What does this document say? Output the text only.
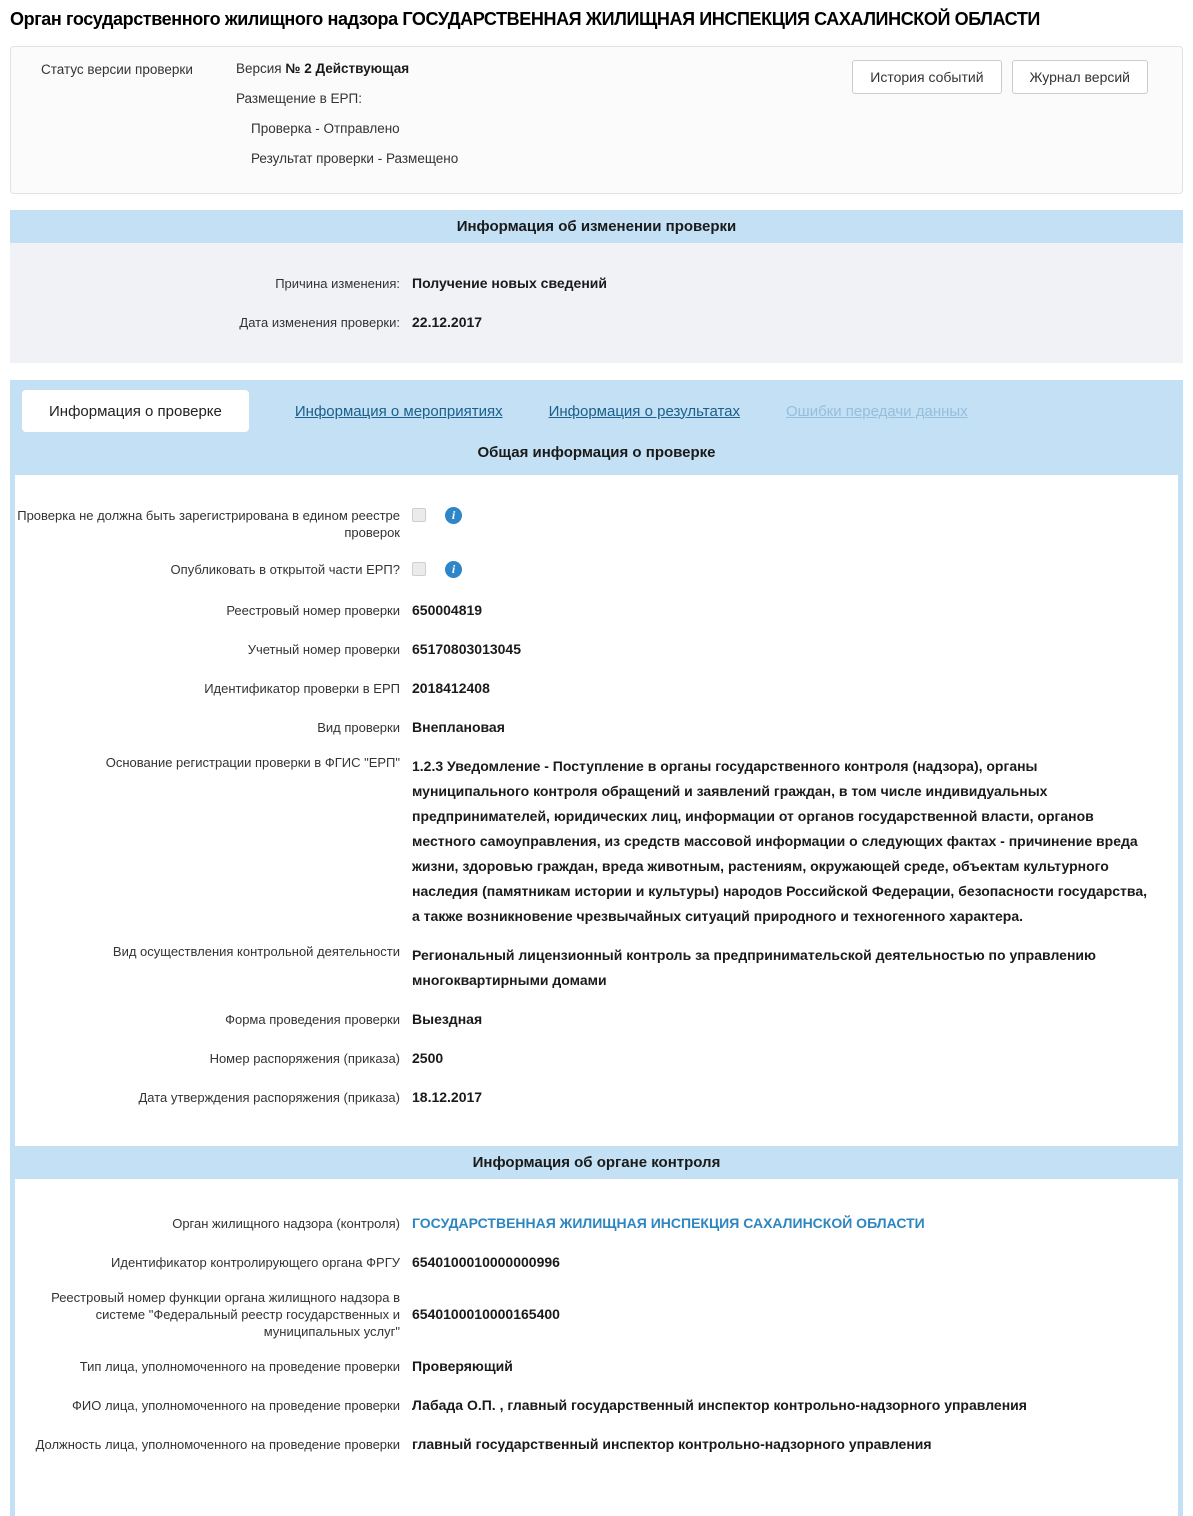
Орган государственного жилищного надзора ГОСУДАРСТВЕННАЯ ЖИЛИЩНАЯ ИНСПЕКЦИЯ САХАЛИНСКОЙ ОБЛАСТИ
Статус версии проверки	Версия № 2 Действующая
Размещение в ЕРП:
Проверка - Отправлено
Результат проверки - Размещено
История событий	Журнал версий
Информация об изменении проверки
Причина изменения: Получение новых сведений
Дата изменения проверки: 22.12.2017
Информация о проверке	Информация о мероприятиях	Информация о результатах	Ошибки передачи данных
Общая информация о проверке
Проверка не должна быть зарегистрирована в едином реестре проверок
i
Опубликовать в открытой части ЕРП?	i
Реестровый номер проверки 650004819
Учетный номер проверки 65170803013045
Идентификатор проверки в ЕРП 2018412408
Вид проверки Внеплановая
Основание регистрации проверки в ФГИС "ЕРП" 1.2.3 Уведомление - Поступление в органы государственного контроля (надзора), органы муниципального контроля обращений и заявлений граждан, в том числе индивидуальных предпринимателей, юридических лиц, информации от органов государственной власти, органов местного самоуправления, из средств массовой информации о следующих фактах - причинение вреда жизни, здоровью граждан, вреда животным, растениям, окружающей среде, объектам культурного наследия (памятникам истории и культуры) народов Российской Федерации, безопасности государства, а также возникновение чрезвычайных ситуаций природного и техногенного характера.
Вид осуществления контрольной деятельности Региональный лицензионный контроль за предпринимательской деятельностью по управлению многоквартирными домами
Форма проведения проверки Выездная
Номер распоряжения (приказа) 2500
Дата утверждения распоряжения (приказа) 18.12.2017
Информация об органе контроля
Орган жилищного надзора (контроля) ГОСУДАРСТВЕННАЯ ЖИЛИЩНАЯ ИНСПЕКЦИЯ САХАЛИНСКОЙ ОБЛАСТИ
Идентификатор контролирующего органа ФРГУ 6540100010000000996
Реестровый номер функции органа жилищного надзора в системе "Федеральный реестр государственных и муниципальных услуг"
6540100010000165400
Тип лица, уполномоченного на проведение проверки Проверяющий
ФИО лица, уполномоченного на проведение проверки Лабада О.П. , главный государственный инспектор контрольно-надзорного управления
Должность лица, уполномоченного на проведение проверки главный государственный инспектор контрольно-надзорного управления
